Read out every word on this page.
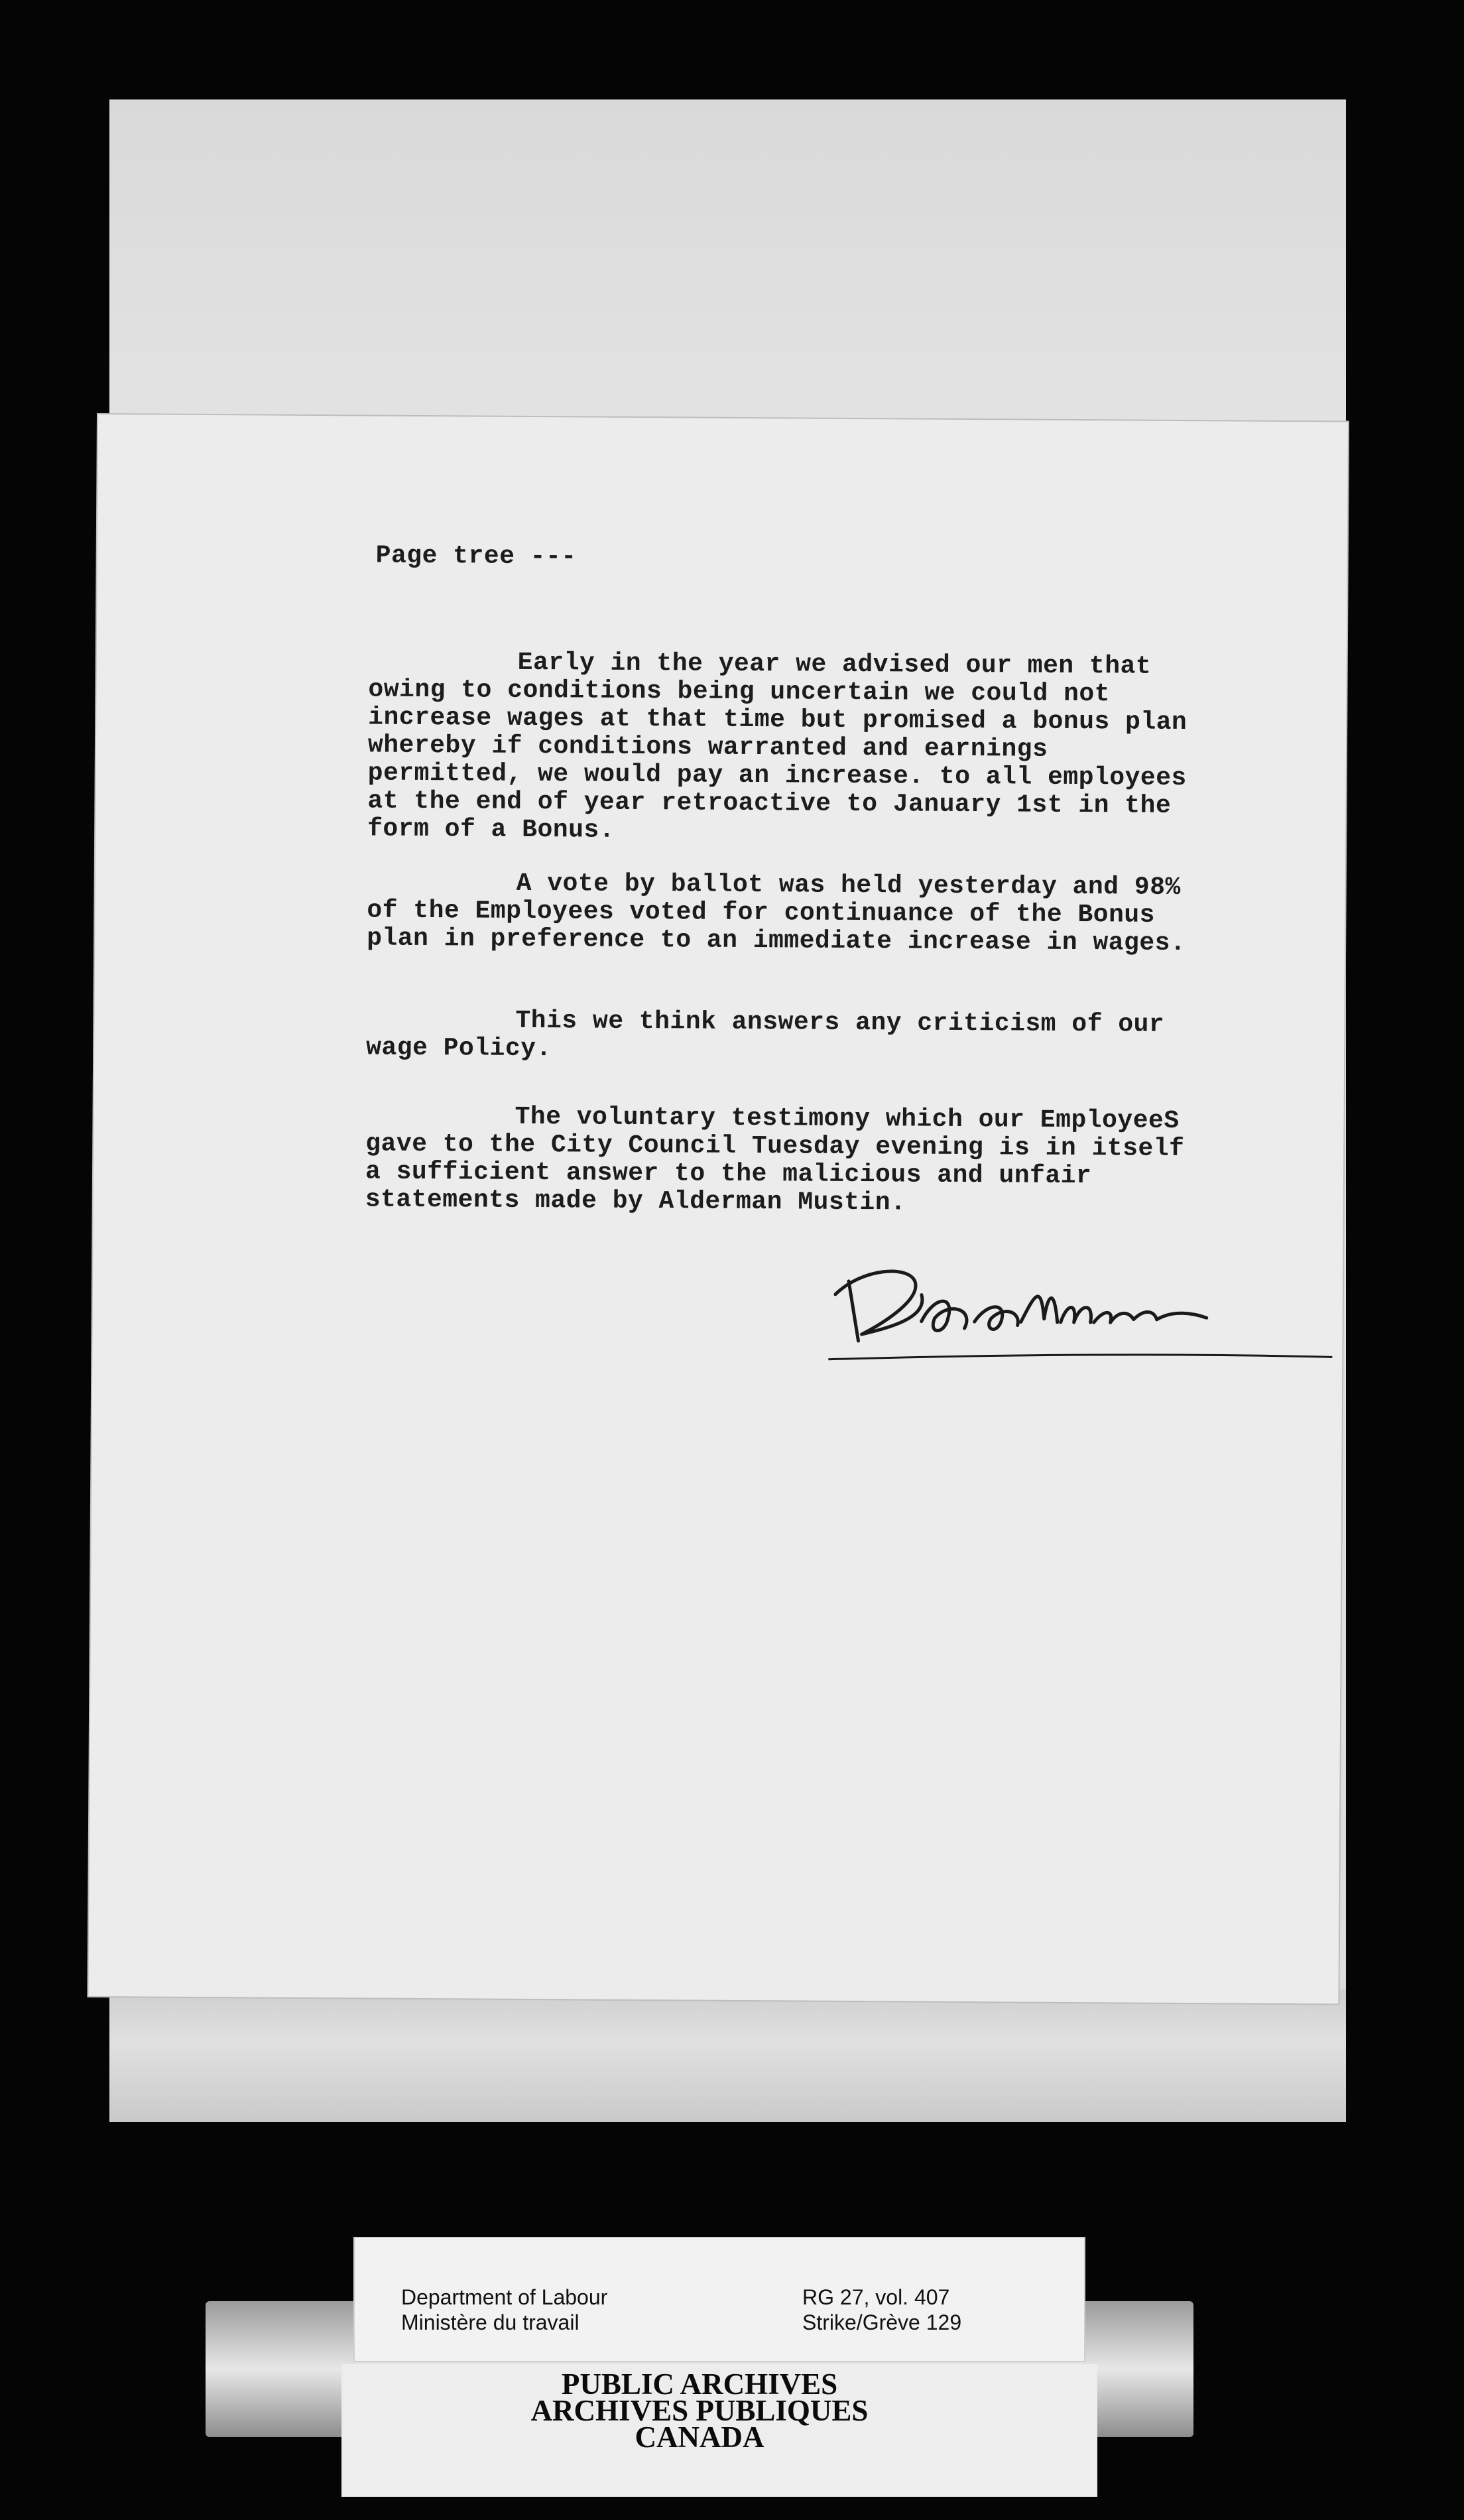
Page tree ---

Early in the year we advised our men that owing to conditions being uncertain we could not increase wages at that time but promised a bonus plan whereby if conditions warranted and earnings permitted, we would pay an increase. to all employees at the end of year retroactive to January 1st in the form of a Bonus.

A vote by ballot was held yesterday and 98% of the Employees voted for continuance of the Bonus plan in preference to an immediate increase in wages.

This we think answers any criticism of our wage Policy.

The voluntary testimony which our EmployeeS gave to the City Council Tuesday evening is in itself a sufficient answer to the malicious and unfair statements made by Alderman Mustin.

Department of Labour
Ministère du travail
RG 27, vol. 407
Strike/Grève 129
PUBLIC ARCHIVES
ARCHIVES PUBLIQUES
CANADA
